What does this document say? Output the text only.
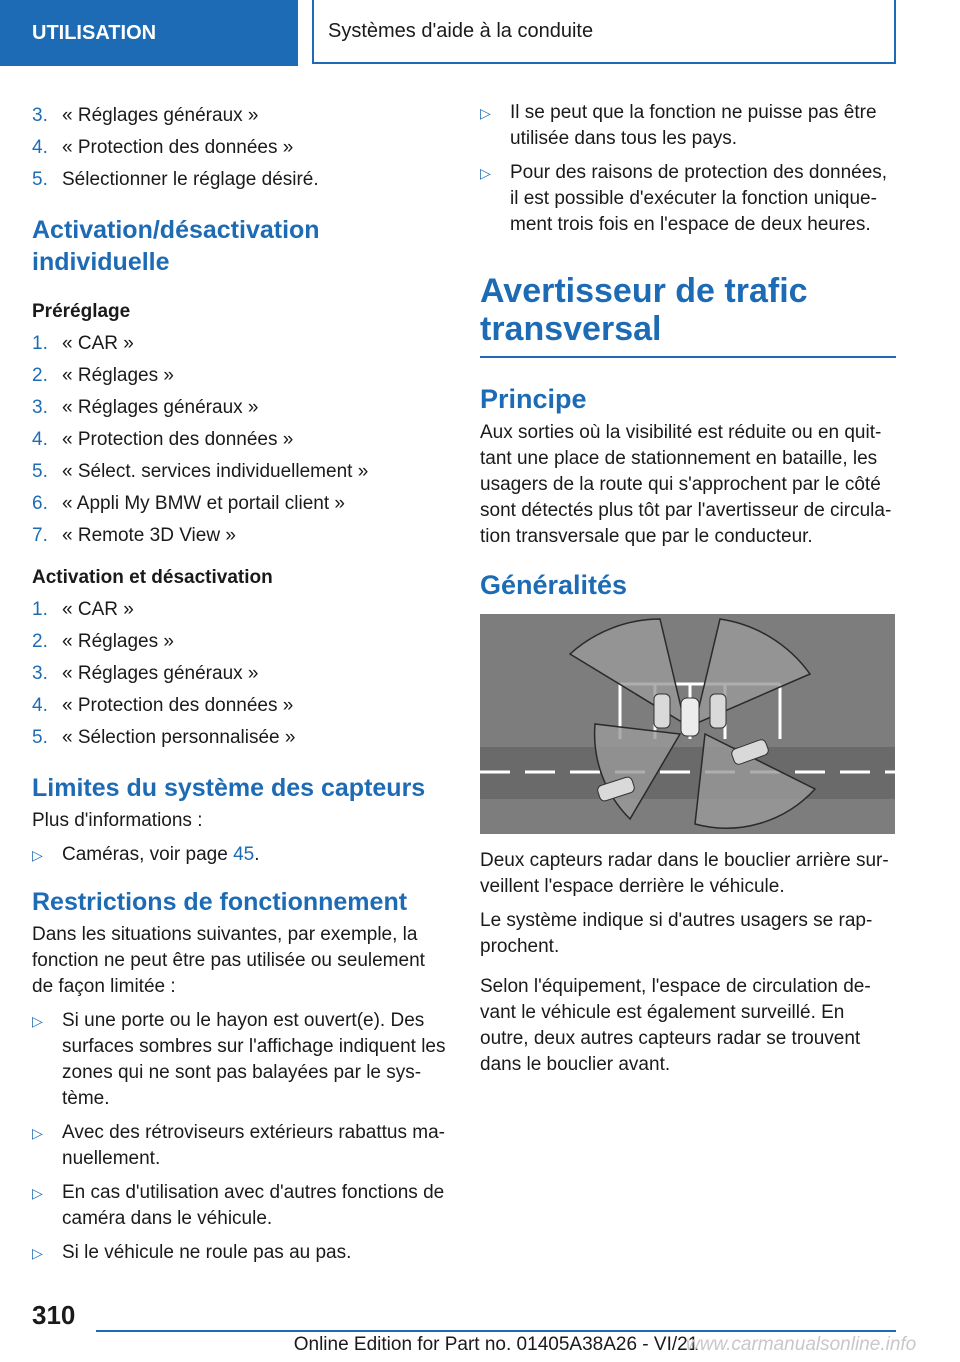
UTILISATION	Systèmes d'aide à la conduite
3. « Réglages généraux »
4. « Protection des données »
5. Sélectionner le réglage désiré.
Activation/désactivation individuelle
Préréglage
1. « CAR »
2. « Réglages »
3. « Réglages généraux »
4. « Protection des données »
5. « Sélect. services individuellement »
6. « Appli My BMW et portail client »
7. « Remote 3D View »
Activation et désactivation
1. « CAR »
2. « Réglages »
3. « Réglages généraux »
4. « Protection des données »
5. « Sélection personnalisée »
Limites du système des capteurs

Plus d'informations :

▷ Caméras, voir page 45.
Restrictions de fonctionnement

Dans les situations suivantes, par exemple, la fonction ne peut être pas utilisée ou seulement de façon limitée :

▷ Si une porte ou le hayon est ouvert(e). Des surfaces sombres sur l'affichage indiquent les zones qui ne sont pas balayées par le système.
▷ Avec des rétroviseurs extérieurs rabattus manuellement.
▷ En cas d'utilisation avec d'autres fonctions de caméra dans le véhicule.
▷ Si le véhicule ne roule pas au pas.
▷ Il se peut que la fonction ne puisse pas être utilisée dans tous les pays.
▷ Pour des raisons de protection des données, il est possible d'exécuter la fonction uniquement trois fois en l'espace de deux heures.
Avertisseur de trafic transversal
Principe

Aux sorties où la visibilité est réduite ou en quittant une place de stationnement en bataille, les usagers de la route qui s'approchent par le côté sont détectés plus tôt par l'avertisseur de circulation transversale que par le conducteur.

Généralités

Deux capteurs radar dans le bouclier arrière surveillent l'espace derrière le véhicule.

Le système indique si d'autres usagers se rapprochent.

Selon l'équipement, l'espace de circulation devant le véhicule est également surveillé. En outre, deux autres capteurs radar se trouvent dans le bouclier avant.

310
Online Edition for Part no. 01405A38A26 - VI/21
www.carmanualsonline.info
